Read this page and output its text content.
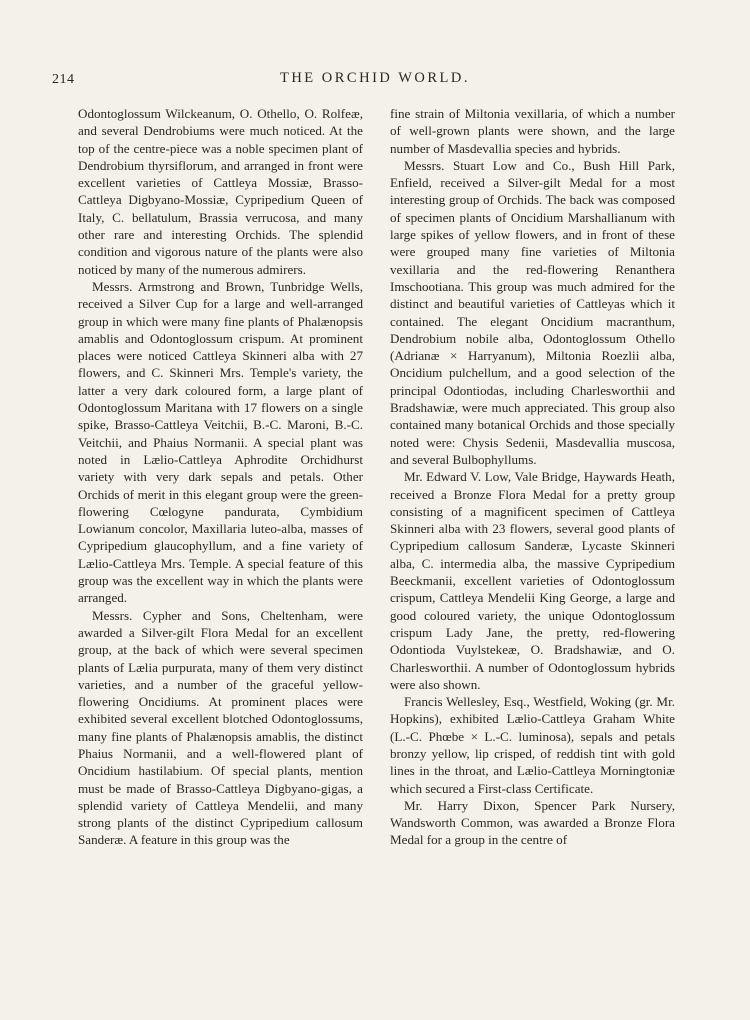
214	THE ORCHID WORLD.

Odontoglossum Wilckeanum, O. Othello, O. Rolfeæ, and several Dendrobiums were much noticed. At the top of the centre-piece was a noble specimen plant of Dendrobium thyrsiflorum, and arranged in front were excellent varieties of Cattleya Mossiæ, Brasso-Cattleya Digbyano-Mossiæ, Cypripedium Queen of Italy, C. bellatulum, Brassia verrucosa, and many other rare and interesting Orchids. The splendid condition and vigorous nature of the plants were also noticed by many of the numerous admirers.

Messrs. Armstrong and Brown, Tunbridge Wells, received a Silver Cup for a large and well-arranged group in which were many fine plants of Phalænopsis amablis and Odontoglossum crispum. At prominent places were noticed Cattleya Skinneri alba with 27 flowers, and C. Skinneri Mrs. Temple's variety, the latter a very dark coloured form, a large plant of Odontoglossum Maritana with 17 flowers on a single spike, Brasso-Cattleya Veitchii, B.-C. Maroni, B.-C. Veitchii, and Phaius Normanii. A special plant was noted in Lælio-Cattleya Aphrodite Orchidhurst variety with very dark sepals and petals. Other Orchids of merit in this elegant group were the green-flowering Cœlogyne pandurata, Cymbidium Lowianum concolor, Maxillaria luteo-alba, masses of Cypripedium glaucophyllum, and a fine variety of Lælio-Cattleya Mrs. Temple. A special feature of this group was the excellent way in which the plants were arranged.

Messrs. Cypher and Sons, Cheltenham, were awarded a Silver-gilt Flora Medal for an excellent group, at the back of which were several specimen plants of Lælia purpurata, many of them very distinct varieties, and a number of the graceful yellow-flowering Oncidiums. At prominent places were exhibited several excellent blotched Odontoglossums, many fine plants of Phalænopsis amablis, the distinct Phaius Normanii, and a well-flowered plant of Oncidium hastilabium. Of special plants, mention must be made of Brasso-Cattleya Digbyano-gigas, a splendid variety of Cattleya Mendelii, and many strong plants of the distinct Cypripedium callosum Sanderæ. A feature in this group was the

fine strain of Miltonia vexillaria, of which a number of well-grown plants were shown, and the large number of Masdevallia species and hybrids.

Messrs. Stuart Low and Co., Bush Hill Park, Enfield, received a Silver-gilt Medal for a most interesting group of Orchids. The back was composed of specimen plants of Oncidium Marshallianum with large spikes of yellow flowers, and in front of these were grouped many fine varieties of Miltonia vexillaria and the red-flowering Renanthera Imschootiana. This group was much admired for the distinct and beautiful varieties of Cattleyas which it contained. The elegant Oncidium macranthum, Dendrobium nobile alba, Odontoglossum Othello (Adrianæ × Harryanum), Miltonia Roezlii alba, Oncidium pulchellum, and a good selection of the principal Odontiodas, including Charlesworthii and Bradshawiæ, were much appreciated. This group also contained many botanical Orchids and those specially noted were: Chysis Sedenii, Masdevallia muscosa, and several Bulbophyllums.

Mr. Edward V. Low, Vale Bridge, Haywards Heath, received a Bronze Flora Medal for a pretty group consisting of a magnificent specimen of Cattleya Skinneri alba with 23 flowers, several good plants of Cypripedium callosum Sanderæ, Lycaste Skinneri alba, C. intermedia alba, the massive Cypripedium Beeckmanii, excellent varieties of Odontoglossum crispum, Cattleya Mendelii King George, a large and good coloured variety, the unique Odontoglossum crispum Lady Jane, the pretty, red-flowering Odontioda Vuylstekeæ, O. Bradshawiæ, and O. Charlesworthii. A number of Odontoglossum hybrids were also shown.

Francis Wellesley, Esq., Westfield, Woking (gr. Mr. Hopkins), exhibited Lælio-Cattleya Graham White (L.-C. Phœbe × L.-C. luminosa), sepals and petals bronzy yellow, lip crisped, of reddish tint with gold lines in the throat, and Lælio-Cattleya Morningtoniæ which secured a First-class Certificate.

Mr. Harry Dixon, Spencer Park Nursery, Wandsworth Common, was awarded a Bronze Flora Medal for a group in the centre of
